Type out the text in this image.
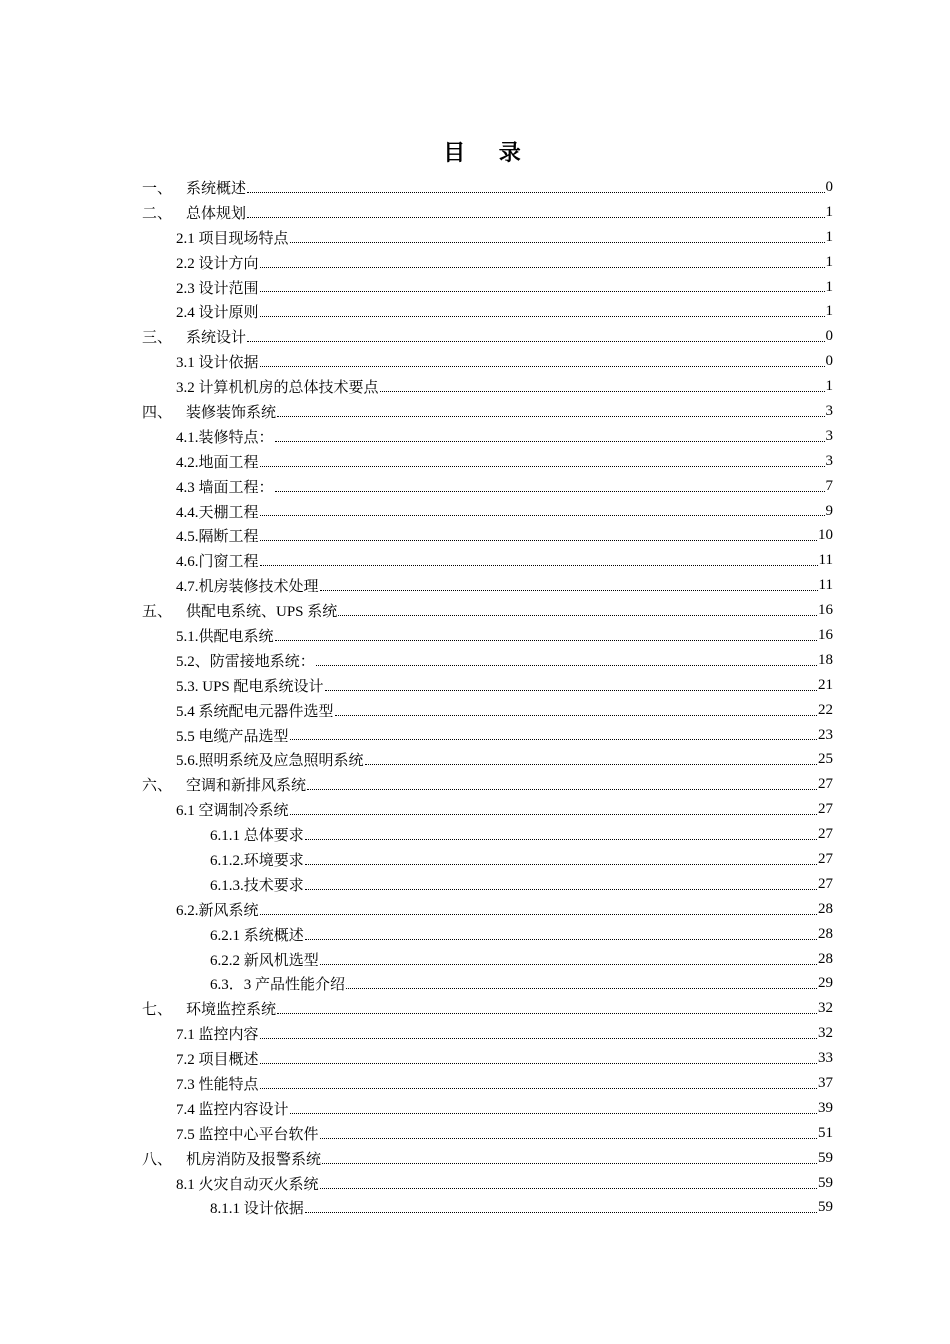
目 录
一、 系统概述	0
二、 总体规划	1
2.1 项目现场特点	1
2.2 设计方向	1
2.3 设计范围	1
2.4 设计原则	1
三、 系统设计	0
3.1 设计依据	0
3.2 计算机机房的总体技术要点	1
四、 装修装饰系统	3
4.1.装修特点：	3
4.2.地面工程	3
4.3 墙面工程：	7
4.4.天棚工程	9
4.5.隔断工程	10
4.6.门窗工程	11
4.7.机房装修技术处理	11
五、 供配电系统、UPS 系统	16
5.1.供配电系统	16
5.2、防雷接地系统：	18
5.3. UPS 配电系统设计	21
5.4 系统配电元器件选型	22
5.5 电缆产品选型	23
5.6.照明系统及应急照明系统	25
六、 空调和新排风系统	27
6.1 空调制冷系统	27
6.1.1 总体要求	27
6.1.2.环境要求	27
6.1.3.技术要求	27
6.2.新风系统	28
6.2.1 系统概述	28
6.2.2 新风机选型	28
6.3．3 产品性能介绍	29
七、 环境监控系统	32
7.1 监控内容	32
7.2 项目概述	33
7.3 性能特点	37
7.4 监控内容设计	39
7.5 监控中心平台软件	51
八、 机房消防及报警系统	59
8.1 火灾自动灭火系统	59
8.1.1 设计依据	59
